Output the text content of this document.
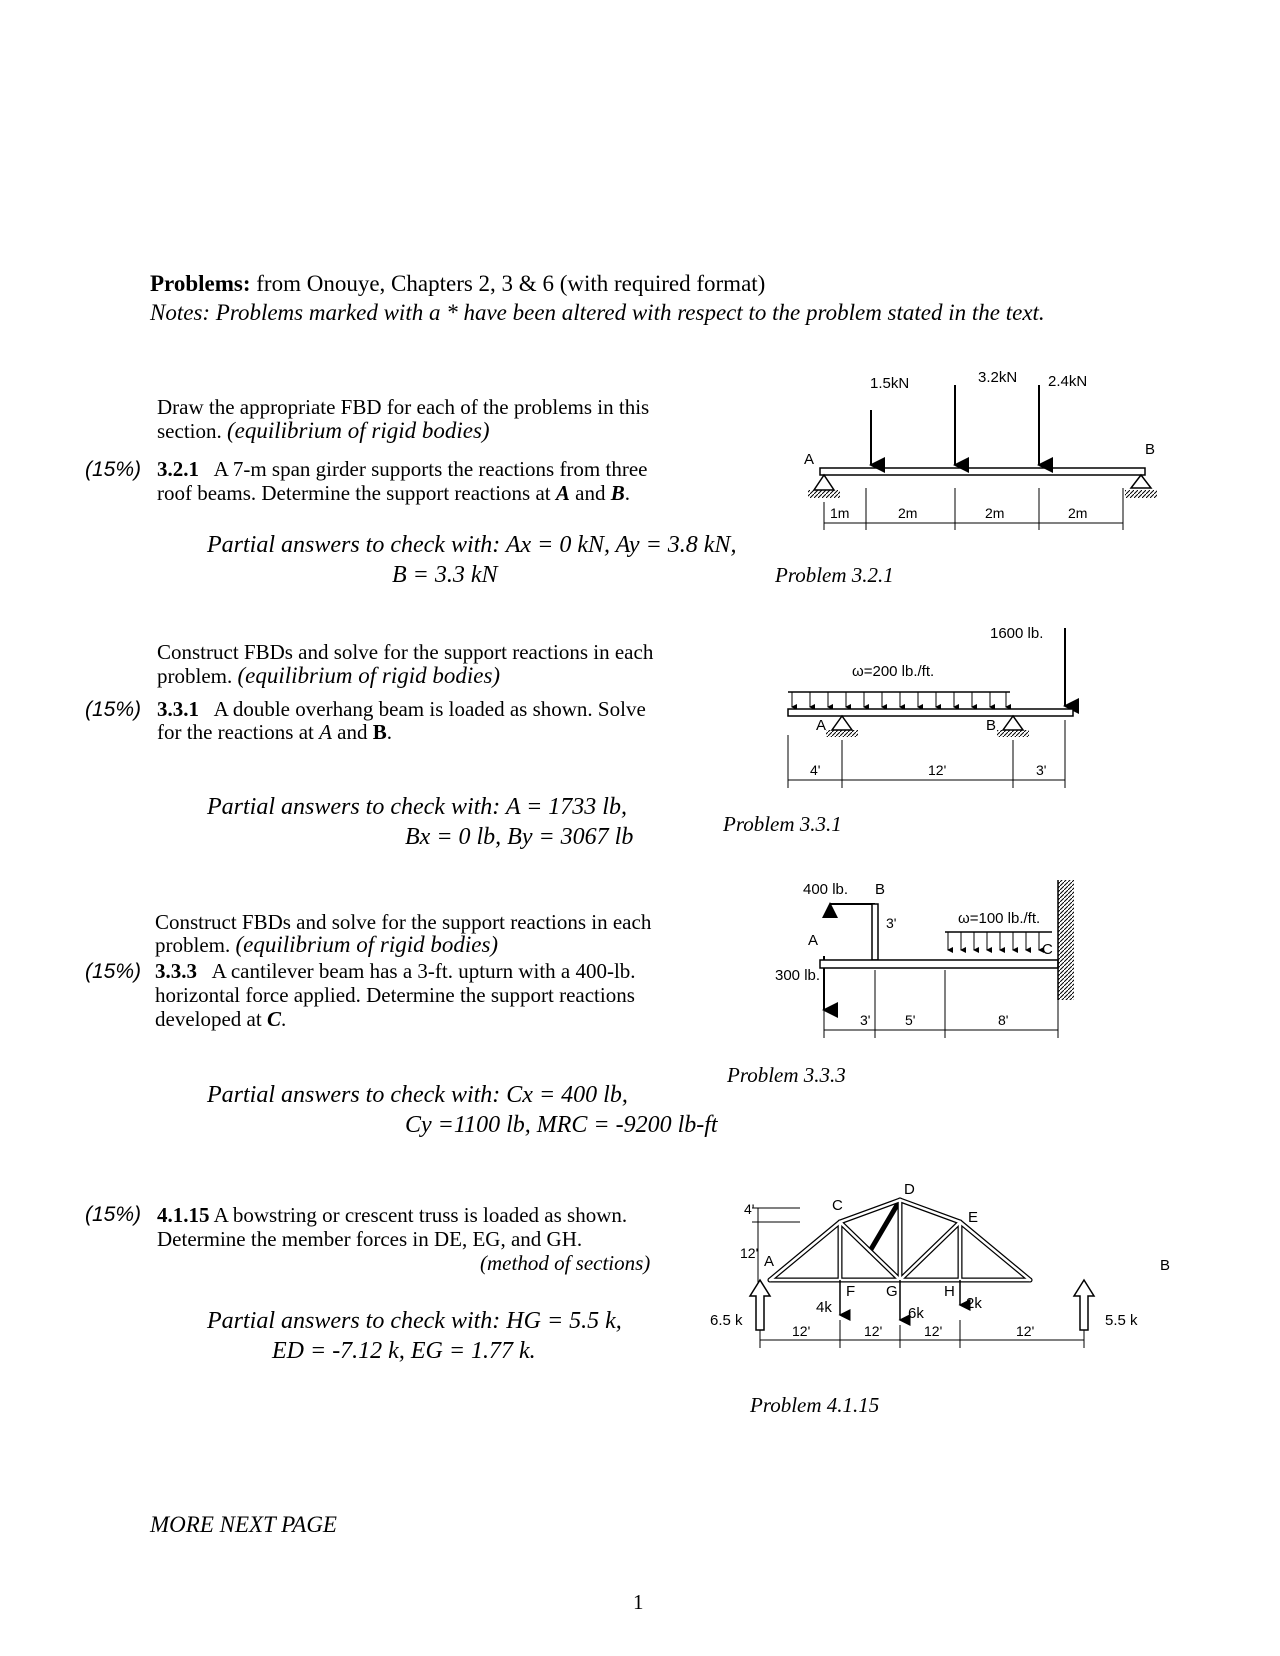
Problems: from Onouye, Chapters 2, 3 & 6 (with required format)
Notes: Problems marked with a * have been altered with respect to the problem stated in the text.
(15%)
Draw the appropriate FBD for each of the problems in this
section. (equilibrium of rigid bodies)
3.2.1 A 7-m span girder supports the reactions from three
roof beams. Determine the support reactions at A and B.
Partial answers to check with: Ax = 0 kN, Ay = 3.8 kN,
B = 3.3 kN	Problem 3.2.1
1.5kN	3.2kN 2.4kN
A
B
1m	2m	2m	2m
(15%)
Construct FBDs and solve for the support reactions in each
problem. (equilibrium of rigid bodies)
3.3.1 A double overhang beam is loaded as shown. Solve
for the reactions at A and B.
Partial answers to check with: A = 1733 lb,
Bx = 0 lb, By = 3067 lb	Problem 3.3.1
1600 lb.
ω=200 lb./ft.
A	B
4'	12'	3'
(15%)
Construct FBDs and solve for the support reactions in each
problem. (equilibrium of rigid bodies)
3.3.3 A cantilever beam has a 3-ft. upturn with a 400-lb.
horizontal force applied. Determine the support reactions
developed at C.
Partial answers to check with: Cx = 400 lb,
Cy =1100 lb, MRC = -9200 lb-ft
Problem 3.3.3
400 lb. B
3'
A
300 lb.
ω=100 lb./ft.
C
3' 5'	8'
(15%) 4.1.15 A bowstring or crescent truss is loaded as shown.
Determine the member forces in DE, EG, and GH.
(method of sections)
Partial answers to check with: HG = 5.5 k,
ED = -7.12 k, EG = 1.77 k.
Problem 4.1.15
4'
12' A	B
C
D
E
F G	H
6.5 k	5.5 k
4k	6k
2k
12'	12'	12'	12'
MORE NEXT PAGE
1
